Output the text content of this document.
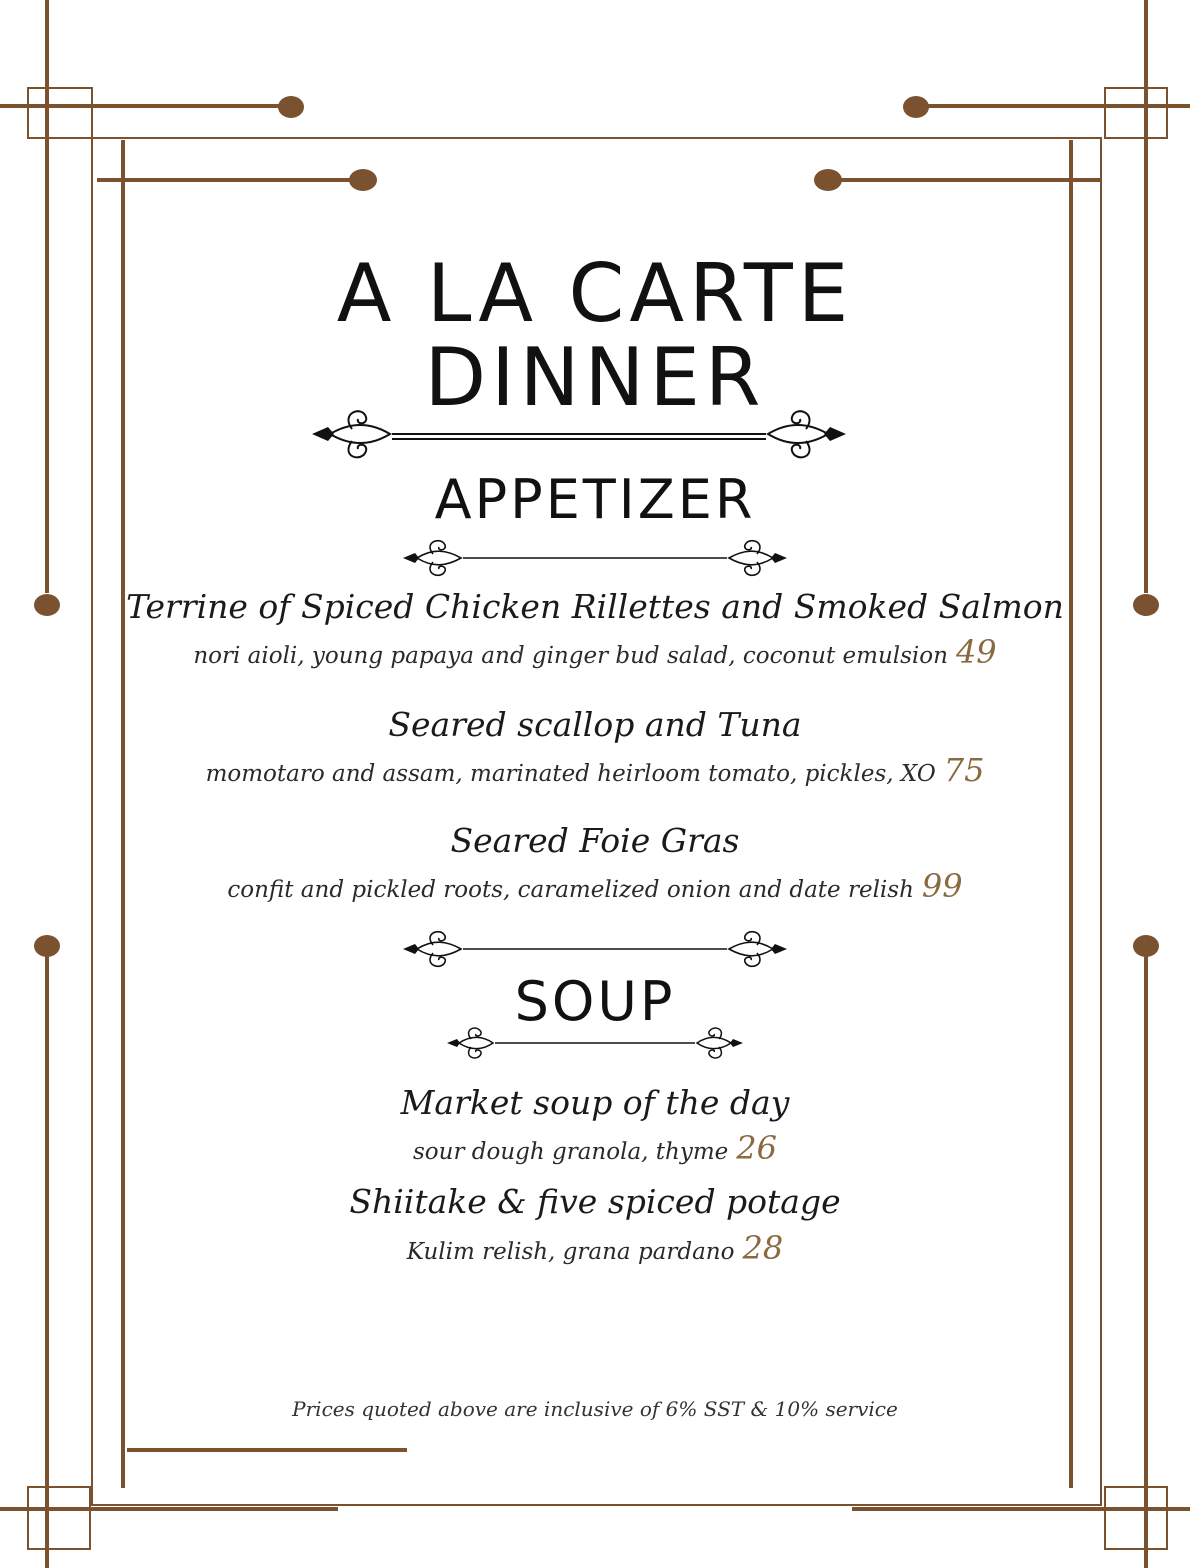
A LA CARTE
DINNER
APPETIZER
Terrine of Spiced Chicken Rillettes and Smoked Salmon
nori aioli, young papaya and ginger bud salad, coconut emulsion 49
Seared scallop and Tuna
momotaro and assam, marinated heirloom tomato, pickles, XO 75
Seared Foie Gras
confit and pickled roots, caramelized onion and date relish 99
SOUP
Market soup of the day
sour dough granola, thyme 26
Shiitake & five spiced potage
Kulim relish, grana pardano 28
Prices quoted above are inclusive of 6% SST & 10% service
